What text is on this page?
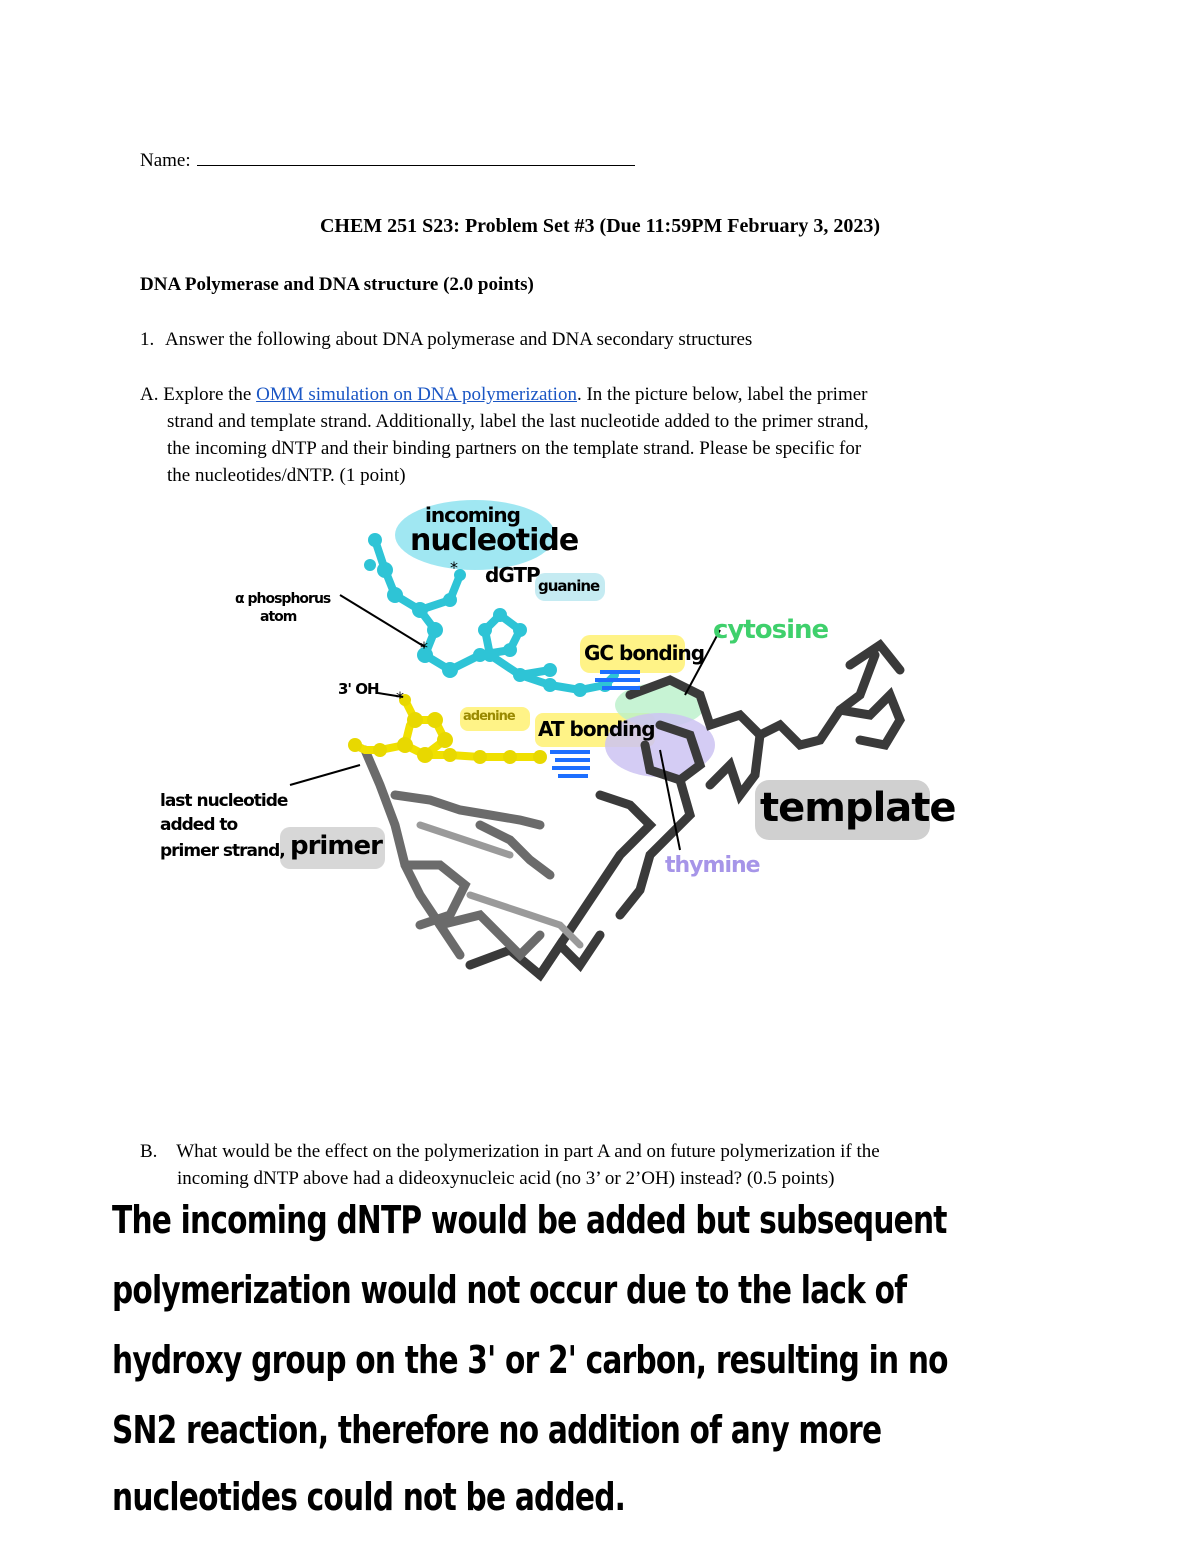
Name:
CHEM 251 S23: Problem Set #3 (Due 11:59PM February 3, 2023)
DNA Polymerase and DNA structure (2.0 points)
1. Answer the following about DNA polymerase and DNA secondary structures
A. Explore the OMM simulation on DNA polymerization. In the picture below, label the primer
strand and template strand. Additionally, label the last nucleotide added to the primer strand,
the incoming dNTP and their binding partners on the template strand. Please be specific for
the nucleotides/dNTP. (1 point)
*
*
*
incoming
nucleotide
dGTP
α phosphorus
atom
guanine
GC bonding
cytosine
3' OH
adenine
AT bonding
last nucleotide
added to
primer strand, primer
template
thymine
B. What would be the effect on the polymerization in part A and on future polymerization if the
incoming dNTP above had a dideoxynucleic acid (no 3’ or 2’OH) instead? (0.5 points)
The incoming dNTP would be added but subsequent
polymerization would not occur due to the lack of
hydroxy group on the 3' or 2' carbon, resulting in no
SN2 reaction, therefore no addition of any more
nucleotides could not be added.
